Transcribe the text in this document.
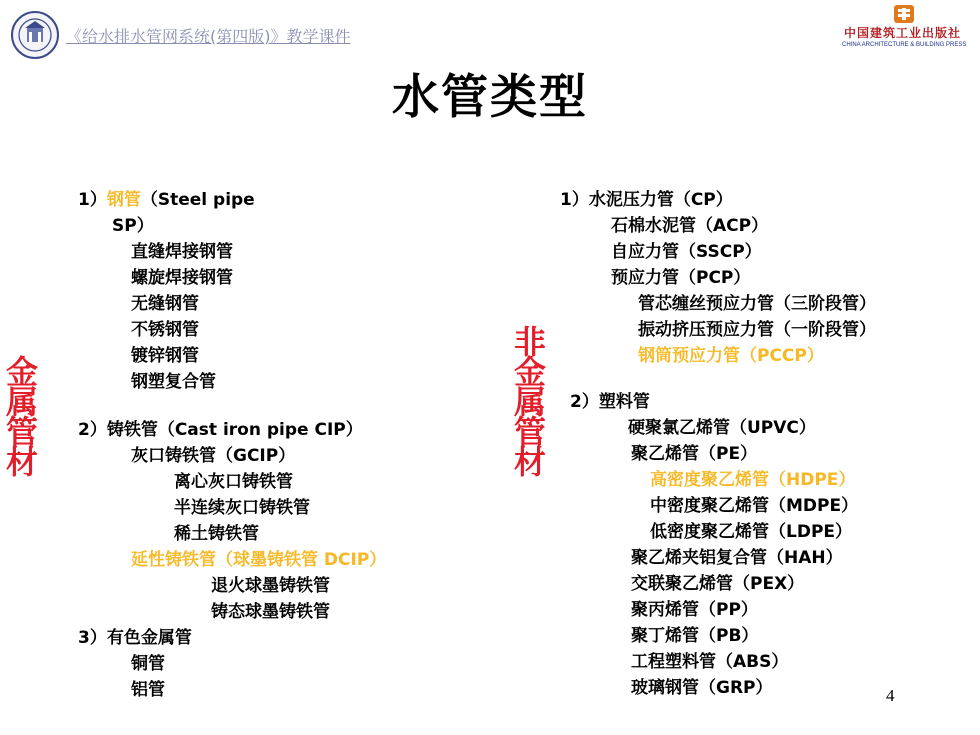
《给水排水管网系统(第四版)》教学课件	中国建筑工业出版社
CHINA ARCHITECTURE & BUILDING PRESS
水管类型
金属管材
非金属管材
1）钢管（Steel pipe
SP）
直缝焊接钢管
螺旋焊接钢管
无缝钢管
不锈钢管
镀锌钢管
钢塑复合管
2）铸铁管（Cast iron pipe CIP）
灰口铸铁管（GCIP）
离心灰口铸铁管
半连续灰口铸铁管
稀土铸铁管
延性铸铁管（球墨铸铁管 DCIP）
退火球墨铸铁管
铸态球墨铸铁管
3）有色金属管
铜管
铝管
1）水泥压力管（CP）
石棉水泥管（ACP）
自应力管（SSCP）
预应力管（PCP）
管芯缠丝预应力管（三阶段管）
振动挤压预应力管（一阶段管）
钢筒预应力管（PCCP）
2）塑料管
硬聚氯乙烯管（UPVC）
聚乙烯管（PE）
高密度聚乙烯管（HDPE）
中密度聚乙烯管（MDPE）
低密度聚乙烯管（LDPE）
聚乙烯夹铝复合管（HAH）
交联聚乙烯管（PEX）
聚丙烯管（PP）
聚丁烯管（PB）
工程塑料管（ABS）
玻璃钢管（GRP）	4
